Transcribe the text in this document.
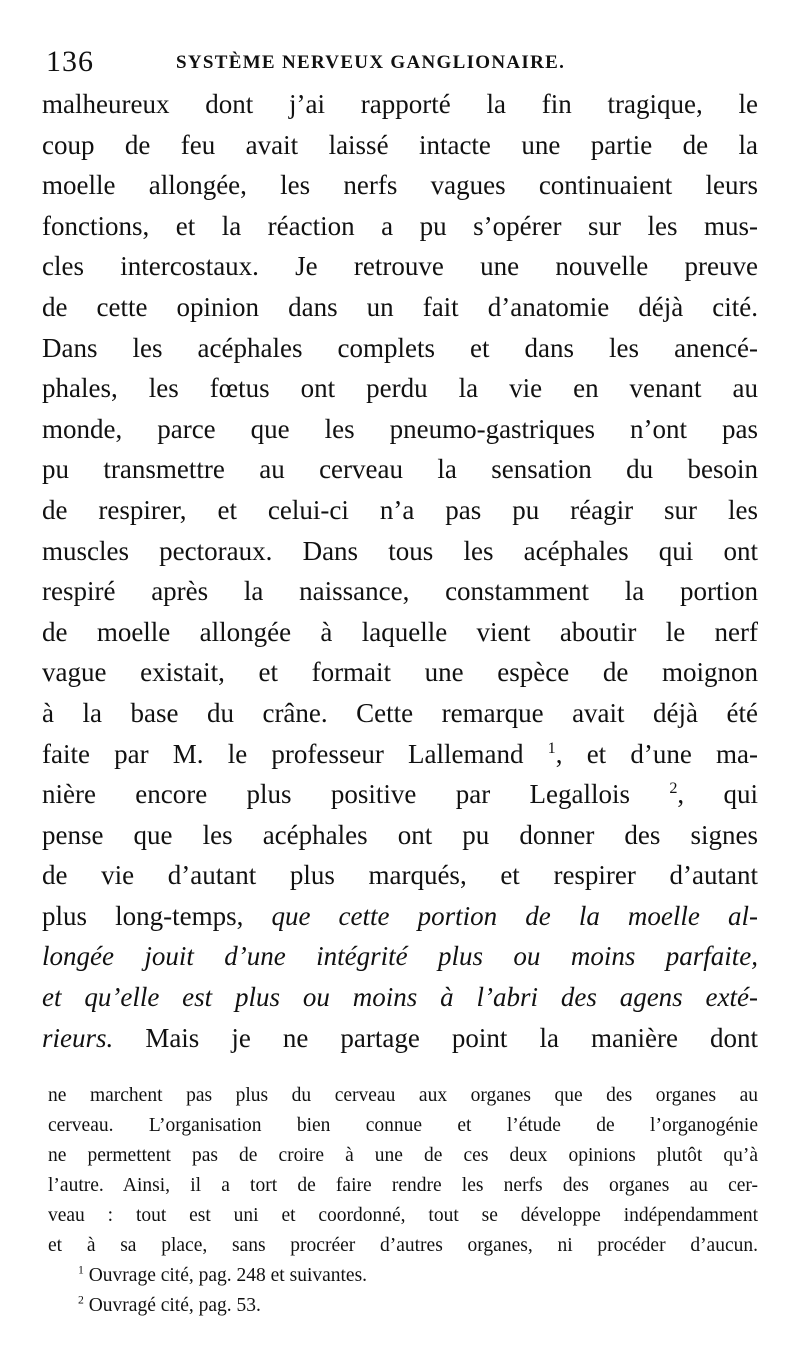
136	SYSTÈME NERVEUX GANGLIONAIRE.
malheureux dont j’ai rapporté la fin tragique, le
coup de feu avait laissé intacte une partie de la
moelle allongée, les nerfs vagues continuaient leurs
fonctions, et la réaction a pu s’opérer sur les mus-
cles intercostaux. Je retrouve une nouvelle preuve
de cette opinion dans un fait d’anatomie déjà cité.
Dans les acéphales complets et dans les anencé-
phales, les fœtus ont perdu la vie en venant au
monde, parce que les pneumo-gastriques n’ont pas
pu transmettre au cerveau la sensation du besoin
de respirer, et celui-ci n’a pas pu réagir sur les
muscles pectoraux. Dans tous les acéphales qui ont
respiré après la naissance, constamment la portion
de moelle allongée à laquelle vient aboutir le nerf
vague existait, et formait une espèce de moignon
à la base du crâne. Cette remarque avait déjà été
faite par M. le professeur Lallemand $^1$, et d’une ma-
nière encore plus positive par Legallois $^2$, qui
pense que les acéphales ont pu donner des signes
de vie d’autant plus marqués, et respirer d’autant
plus long-temps, que cette portion de la moelle al-
longée jouit d’une intégrité plus ou moins parfaite,
et qu’elle est plus ou moins à l’abri des agens exté-
rieurs. Mais je ne partage point la manière dont
ne marchent pas plus du cerveau aux organes que des organes au
cerveau. L’organisation bien connue et l’étude de l’organogénie
ne permettent pas de croire à une de ces deux opinions plutôt qu’à
l’autre. Ainsi, il a tort de faire rendre les nerfs des organes au cer-
veau : tout est uni et coordonné, tout se développe indépendamment
et à sa place, sans procréer d’autres organes, ni procéder d’aucun.
$^1$ Ouvrage cité, pag. 248 et suivantes.
$^2$ Ouvragé cité, pag. 53.
